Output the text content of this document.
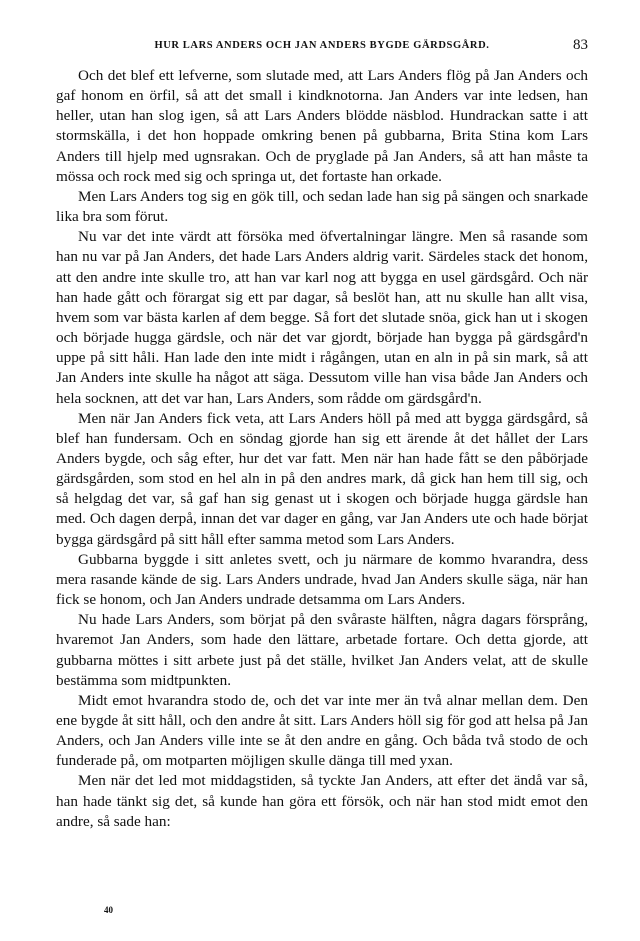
HUR LARS ANDERS OCH JAN ANDERS BYGDE GÄRDSGÅRD.	83

Och det blef ett lefverne, som slutade med, att Lars Anders flög på Jan Anders och gaf honom en örfil, så att det small i kindknotorna. Jan Anders var inte ledsen, han heller, utan han slog igen, så att Lars Anders blödde näsblod. Hundrackan satte i att stormskälla, i det hon hoppade omkring benen på gubbarna, Brita Stina kom Lars Anders till hjelp med ugnsrakan. Och de pryglade på Jan Anders, så att han måste ta mössa och rock med sig och springa ut, det fortaste han orkade.

Men Lars Anders tog sig en gök till, och sedan lade han sig på sängen och snarkade lika bra som förut.

Nu var det inte värdt att försöka med öfvertalningar längre. Men så rasande som han nu var på Jan Anders, det hade Lars Anders aldrig varit. Särdeles stack det honom, att den andre inte skulle tro, att han var karl nog att bygga en usel gärdsgård. Och när han hade gått och förargat sig ett par dagar, så beslöt han, att nu skulle han allt visa, hvem som var bästa karlen af dem begge. Så fort det slutade snöa, gick han ut i skogen och började hugga gärdsle, och när det var gjordt, började han bygga på gärdsgård'n uppe på sitt håli. Han lade den inte midt i rågången, utan en aln in på sin mark, så att Jan Anders inte skulle ha något att säga. Dessutom ville han visa både Jan Anders och hela socknen, att det var han, Lars Anders, som rådde om gärdsgård'n.

Men när Jan Anders fick veta, att Lars Anders höll på med att bygga gärdsgård, så blef han fundersam. Och en söndag gjorde han sig ett ärende åt det hållet der Lars Anders bygde, och såg efter, hur det var fatt. Men när han hade fått se den påbörjade gärdsgården, som stod en hel aln in på den andres mark, då gick han hem till sig, och så helgdag det var, så gaf han sig genast ut i skogen och började hugga gärdsle han med. Och dagen derpå, innan det var dager en gång, var Jan Anders ute och hade börjat bygga gärdsgård på sitt håll efter samma metod som Lars Anders.

Gubbarna byggde i sitt anletes svett, och ju närmare de kommo hvarandra, dess mera rasande kände de sig. Lars Anders undrade, hvad Jan Anders skulle säga, när han fick se honom, och Jan Anders undrade detsamma om Lars Anders.

Nu hade Lars Anders, som börjat på den svåraste hälften, några dagars försprång, hvaremot Jan Anders, som hade den lättare, arbetade fortare. Och detta gjorde, att gubbarna möttes i sitt arbete just på det ställe, hvilket Jan Anders velat, att de skulle bestämma som midtpunkten.

Midt emot hvarandra stodo de, och det var inte mer än två alnar mellan dem. Den ene bygde åt sitt håll, och den andre åt sitt. Lars Anders höll sig för god att helsa på Jan Anders, och Jan Anders ville inte se åt den andre en gång. Och båda två stodo de och funderade på, om motparten möjligen skulle dänga till med yxan.

Men när det led mot middagstiden, så tyckte Jan Anders, att efter det ändå var så, han hade tänkt sig det, så kunde han göra ett försök, och när han stod midt emot den andre, så sade han:

40
